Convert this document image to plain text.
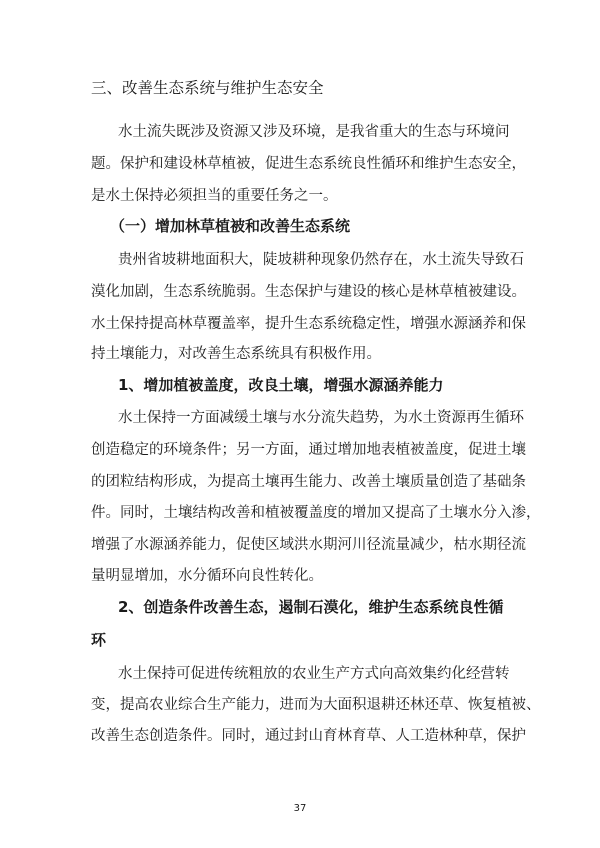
三、改善生态系统与维护生态安全
水土流失既涉及资源又涉及环境，是我省重大的生态与环境问
题。保护和建设林草植被，促进生态系统良性循环和维护生态安全，
是水土保持必须担当的重要任务之一。
（一）增加林草植被和改善生态系统
贵州省坡耕地面积大，陡坡耕种现象仍然存在，水土流失导致石
漠化加剧，生态系统脆弱。生态保护与建设的核心是林草植被建设。
水土保持提高林草覆盖率，提升生态系统稳定性，增强水源涵养和保
持土壤能力，对改善生态系统具有积极作用。
1、增加植被盖度，改良土壤，增强水源涵养能力
水土保持一方面减缓土壤与水分流失趋势，为水土资源再生循环
创造稳定的环境条件；另一方面，通过增加地表植被盖度，促进土壤
的团粒结构形成，为提高土壤再生能力、改善土壤质量创造了基础条
件。同时，土壤结构改善和植被覆盖度的增加又提高了土壤水分入渗，
增强了水源涵养能力，促使区域洪水期河川径流量减少，枯水期径流
量明显增加，水分循环向良性转化。
2、创造条件改善生态，遏制石漠化，维护生态系统良性循
环
水土保持可促进传统粗放的农业生产方式向高效集约化经营转
变，提高农业综合生产能力，进而为大面积退耕还林还草、恢复植被、
改善生态创造条件。同时，通过封山育林育草、人工造林种草，保护
37
